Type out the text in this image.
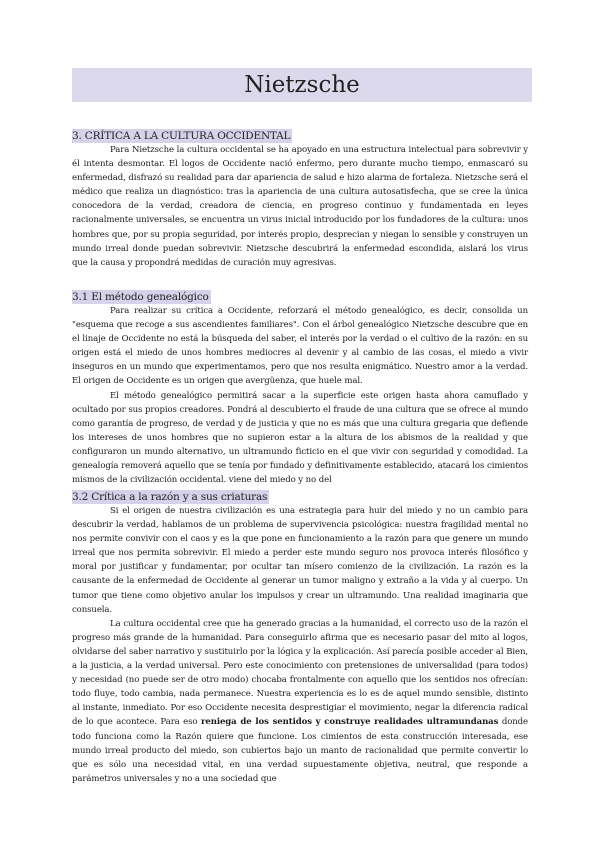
Nietzsche
3. CRÍTICA A LA CULTURA OCCIDENTAL

Para Nietzsche la cultura occidental se ha apoyado en una estructura intelectual para sobrevivir y él intenta desmontar. El logos de Occidente nació enfermo, pero durante mucho tiempo, enmascaró su enfermedad, disfrazó su realidad para dar apariencia de salud e hizo alarma de fortaleza. Nietzsche será el médico que realiza un diagnóstico: tras la apariencia de una cultura autosatisfecha, que se cree la única conocedora de la verdad, creadora de ciencia, en progreso continuo y fundamentada en leyes racionalmente universales, se encuentra un virus inicial introducido por los fundadores de la cultura: unos hombres que, por su propia seguridad, por interés propio, desprecian y niegan lo sensible y construyen un mundo irreal donde puedan sobrevivir. Nietzsche descubrirá la enfermedad escondida, aislará los virus que la causa y propondrá medidas de curación muy agresivas.

3.1 El método genealógico

Para realizar su crítica a Occidente, reforzará el método genealógico, es decir, consolida un "esquema que recoge a sus ascendientes familiares". Con el árbol genealógico Nietzsche descubre que en el linaje de Occidente no está la búsqueda del saber, el interés por la verdad o el cultivo de la razón: en su origen está el miedo de unos hombres mediocres al devenir y al cambio de las cosas, el miedo a vivir inseguros en un mundo que experimentamos, pero que nos resulta enigmático. Nuestro amor a la verdad. El origen de Occidente es un origen que avergüenza, que huele mal.

El método genealógico permitirá sacar a la superficie este origen hasta ahora camuflado y ocultado por sus propios creadores. Pondrá al descubierto el fraude de una cultura que se ofrece al mundo como garantía de progreso, de verdad y de justicia y que no es más que una cultura gregaria que defiende los intereses de unos hombres que no supieron estar a la altura de los abismos de la realidad y que configuraron un mundo alternativo, un ultramundo ficticio en el que vivir con seguridad y comodidad. La genealogía removerá aquello que se tenía por fundado y definitivamente establecido, atacará los cimientos mismos de la civilización occidental. viene del miedo y no del

3.2 Crítica a la razón y a sus criaturas

Si el origen de nuestra civilización es una estrategia para huir del miedo y no un cambio para descubrir la verdad, hablamos de un problema de supervivencia psicológica: nuestra fragilidad mental no nos permite convivir con el caos y es la que pone en funcionamiento a la razón para que genere un mundo irreal que nos permita sobrevivir. El miedo a perder este mundo seguro nos provoca interés filosófico y moral por justificar y fundamentar, por ocultar tan mísero comienzo de la civilización. La razón es la causante de la enfermedad de Occidente al generar un tumor maligno y extraño a la vida y al cuerpo. Un tumor que tiene como objetivo anular los impulsos y crear un ultramundo. Una realidad imaginaria que consuela.

La cultura occidental cree que ha generado gracias a la humanidad, el correcto uso de la razón el progreso más grande de la humanidad. Para conseguirlo afirma que es necesario pasar del mito al logos, olvidarse del saber narrativo y sustituirlo por la lógica y la explicación. Así parecía posible acceder al Bien, a la justicia, a la verdad universal. Pero este conocimiento con pretensiones de universalidad (para todos) y necesidad (no puede ser de otro modo) chocaba frontalmente con aquello que los sentidos nos ofrecían: todo fluye, todo cambia, nada permanece. Nuestra experiencia es lo es de aquel mundo sensible, distinto al instante, inmediato. Por eso Occidente necesita desprestigiar el movimiento, negar la diferencia radical de lo que acontece. Para eso reniega de los sentidos y construye realidades ultramundanas donde todo funciona como la Razón quiere que funcione. Los cimientos de esta construcción interesada, ese mundo irreal producto del miedo, son cubiertos bajo un manto de racionalidad que permite convertir lo que es sólo una necesidad vital, en una verdad supuestamente objetiva, neutral, que responde a parámetros universales y no a una sociedad que
